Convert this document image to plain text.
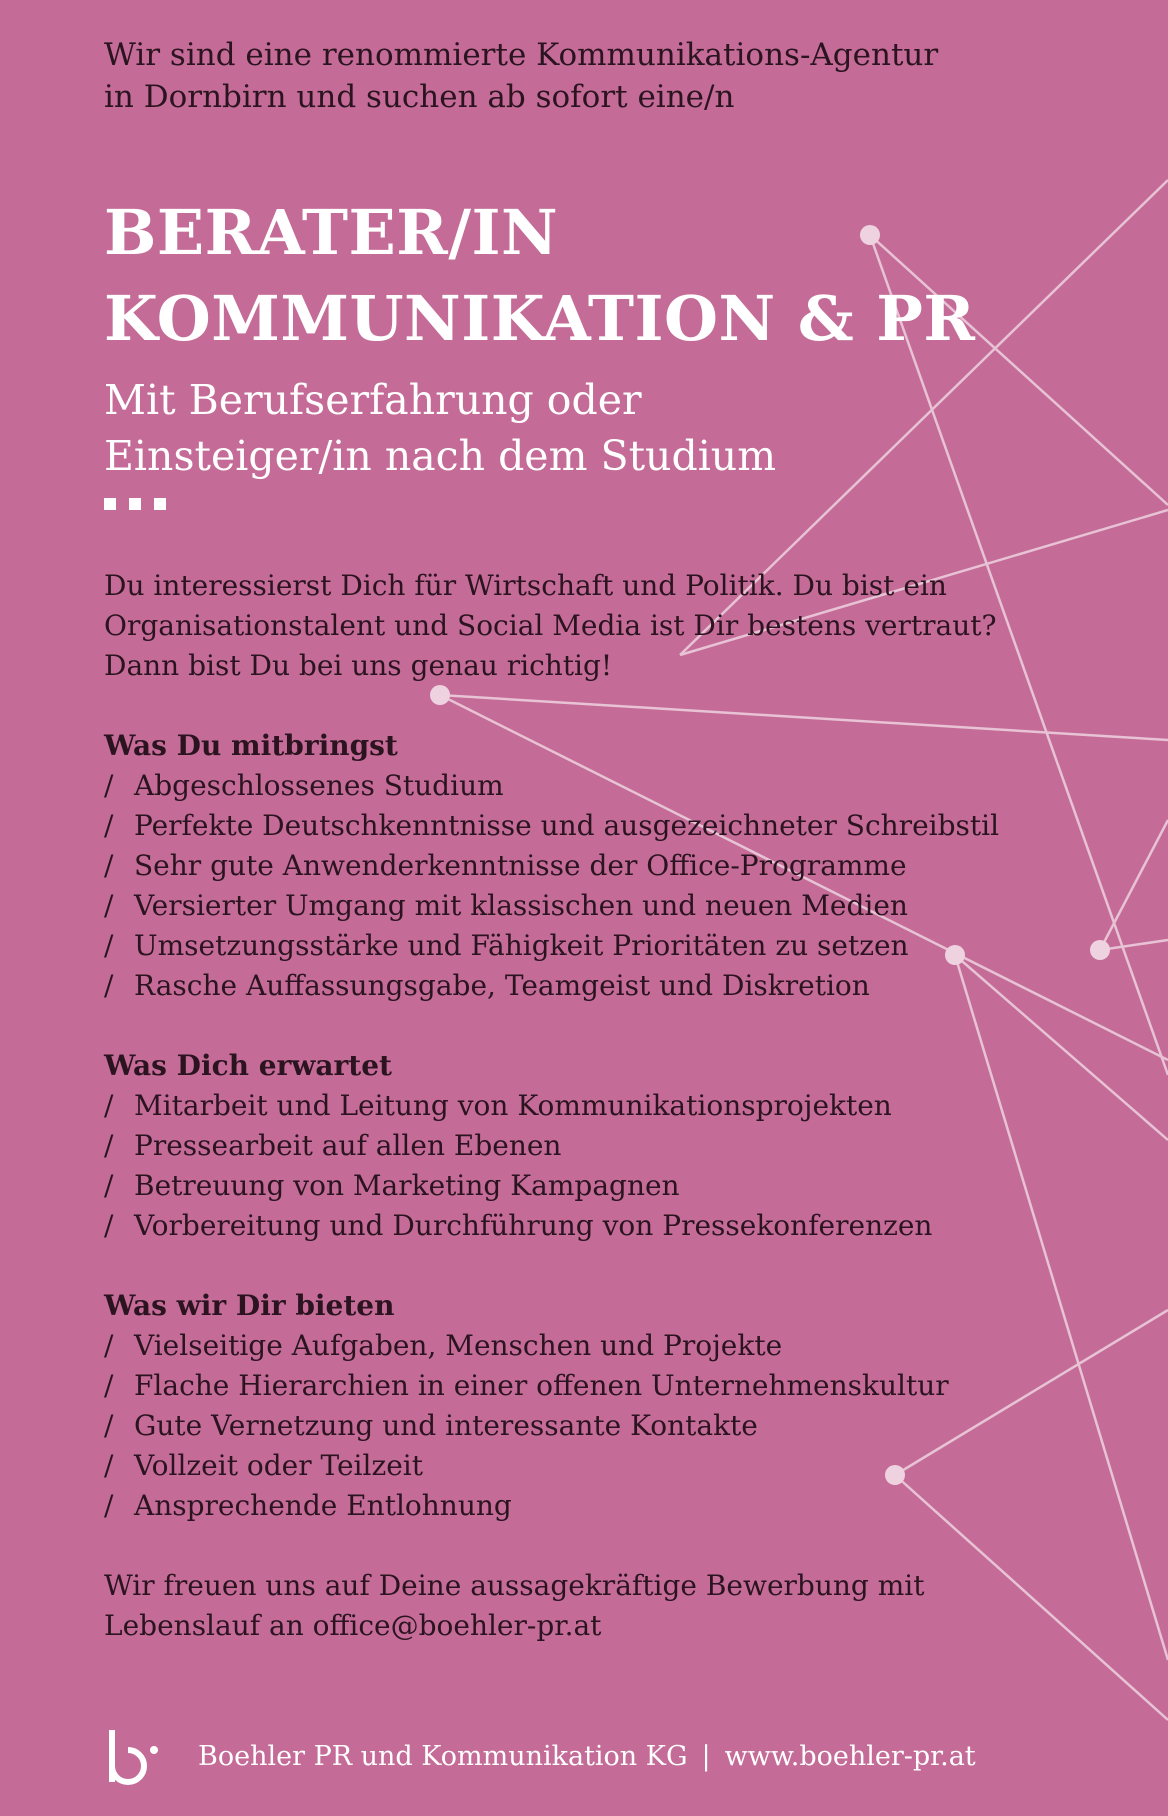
Wir sind eine renommierte Kommunikations-Agentur
in Dornbirn und suchen ab sofort eine/n

BERATER/IN
KOMMUNIKATION & PR

Mit Berufserfahrung oder
Einsteiger/in nach dem Studium

Du interessierst Dich für Wirtschaft und Politik. Du bist ein
Organisationstalent und Social Media ist Dir bestens vertraut?
Dann bist Du bei uns genau richtig!

Was Du mitbringst
/ Abgeschlossenes Studium
/ Perfekte Deutschkenntnisse und ausgezeichneter Schreibstil
/ Sehr gute Anwenderkenntnisse der Office-Programme
/ Versierter Umgang mit klassischen und neuen Medien
/ Umsetzungsstärke und Fähigkeit Prioritäten zu setzen
/ Rasche Auffassungsgabe, Teamgeist und Diskretion
Was Dich erwartet
/ Mitarbeit und Leitung von Kommunikationsprojekten
/ Pressearbeit auf allen Ebenen
/ Betreuung von Marketing Kampagnen
/ Vorbereitung und Durchführung von Pressekonferenzen
Was wir Dir bieten
/ Vielseitige Aufgaben, Menschen und Projekte
/ Flache Hierarchien in einer offenen Unternehmenskultur
/ Gute Vernetzung und interessante Kontakte
/ Vollzeit oder Teilzeit
/ Ansprechende Entlohnung

Wir freuen uns auf Deine aussagekräftige Bewerbung mit
Lebenslauf an office@boehler-pr.at

Boehler PR und Kommunikation KG | www.boehler-pr.at
